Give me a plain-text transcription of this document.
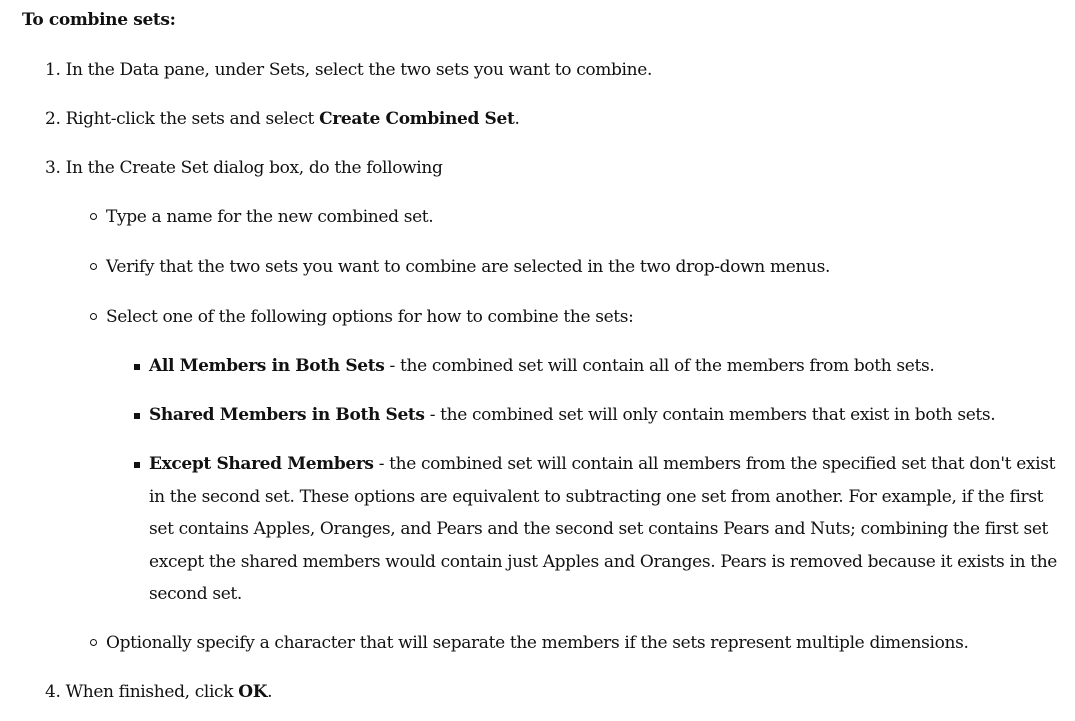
To combine sets:
1. In the Data pane, under Sets, select the two sets you want to combine.
2. Right-click the sets and select Create Combined Set.
3. In the Create Set dialog box, do the following
Type a name for the new combined set.
Verify that the two sets you want to combine are selected in the two drop-down menus.
Select one of the following options for how to combine the sets:
All Members in Both Sets - the combined set will contain all of the members from both sets.
Shared Members in Both Sets - the combined set will only contain members that exist in both sets.
Except Shared Members - the combined set will contain all members from the specified set that don't exist in the second set. These options are equivalent to subtracting one set from another. For example, if the first set contains Apples, Oranges, and Pears and the second set contains Pears and Nuts; combining the first set except the shared members would contain just Apples and Oranges. Pears is removed because it exists in the second set.
Optionally specify a character that will separate the members if the sets represent multiple dimensions.
4. When finished, click OK.
